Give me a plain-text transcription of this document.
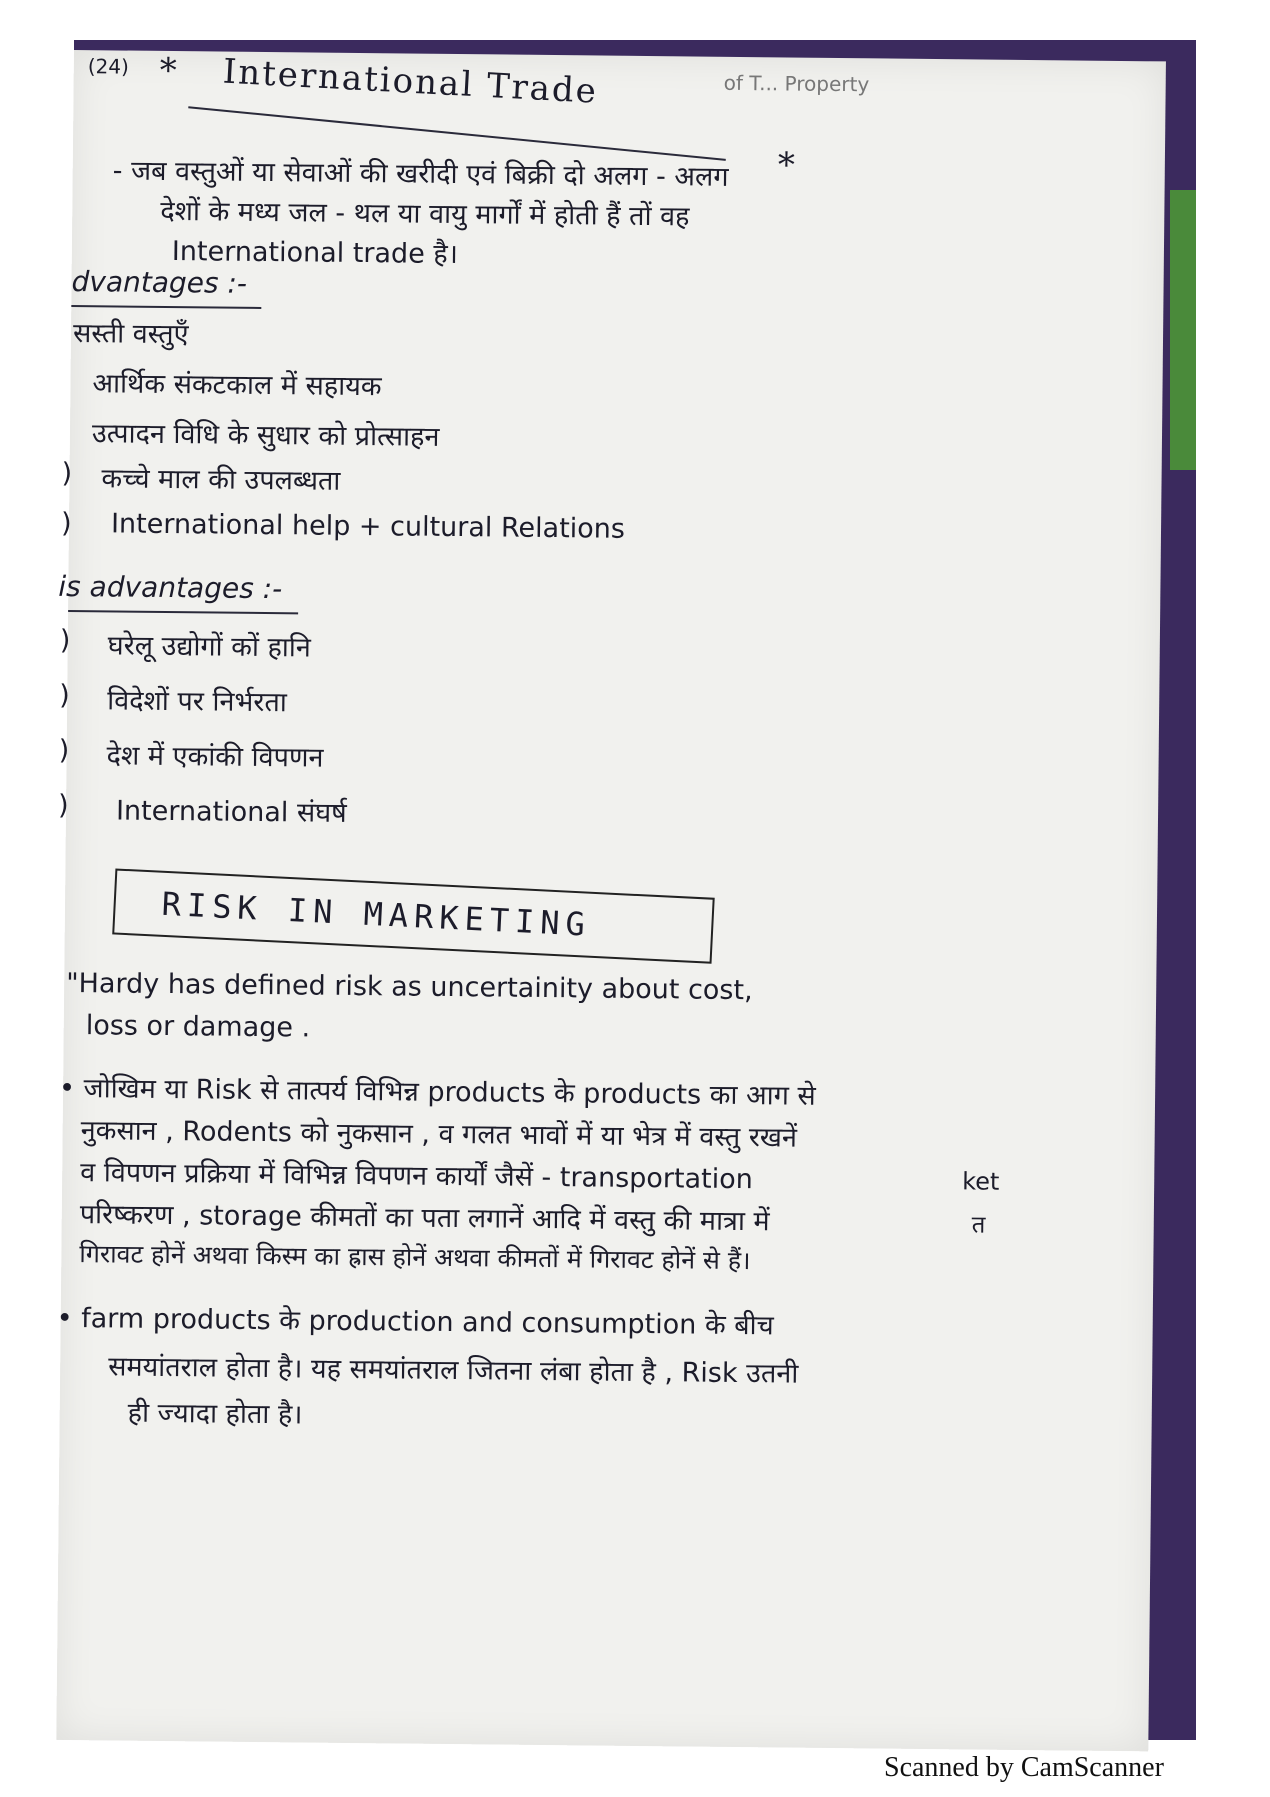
(24) * International Trade	of T... Property
*
- जब वस्तुओं या सेवाओं की खरीदी एवं बिक्री दो अलग - अलग
देशों के मध्य जल - थल या वायु मार्गों में होती हैं तों वह
International trade है।
dvantages :-
सस्ती वस्तुएँ
आर्थिक संकटकाल में सहायक
उत्पादन विधि के सुधार को प्रोत्साहन
) कच्चे माल की उपलब्धता
) International help + cultural Relations
is advantages :-
) घरेलू उद्योगों कों हानि
) विदेशों पर निर्भरता
) देश में एकांकी विपणन
) International संघर्ष
RISK IN MARKETING
"Hardy has defined risk as uncertainity about cost,
loss or damage .
• जोखिम या Risk से तात्पर्य विभिन्न products के products का आग से
नुकसान , Rodents को नुकसान , व गलत भावों में या भेत्र में वस्तु रखनें
व विपणन प्रक्रिया में विभिन्न विपणन कार्यों जैसें - transportation
परिष्करण , storage कीमतों का पता लगानें आदि में वस्तु की मात्रा में
गिरावट होनें अथवा किस्म का ह्रास होनें अथवा कीमतों में गिरावट होनें से हैं।
ket
त
• farm products के production and consumption के बीच
समयांतराल होता है। यह समयांतराल जितना लंबा होता है , Risk उतनी
ही ज्यादा होता है।
Scanned by CamScanner
